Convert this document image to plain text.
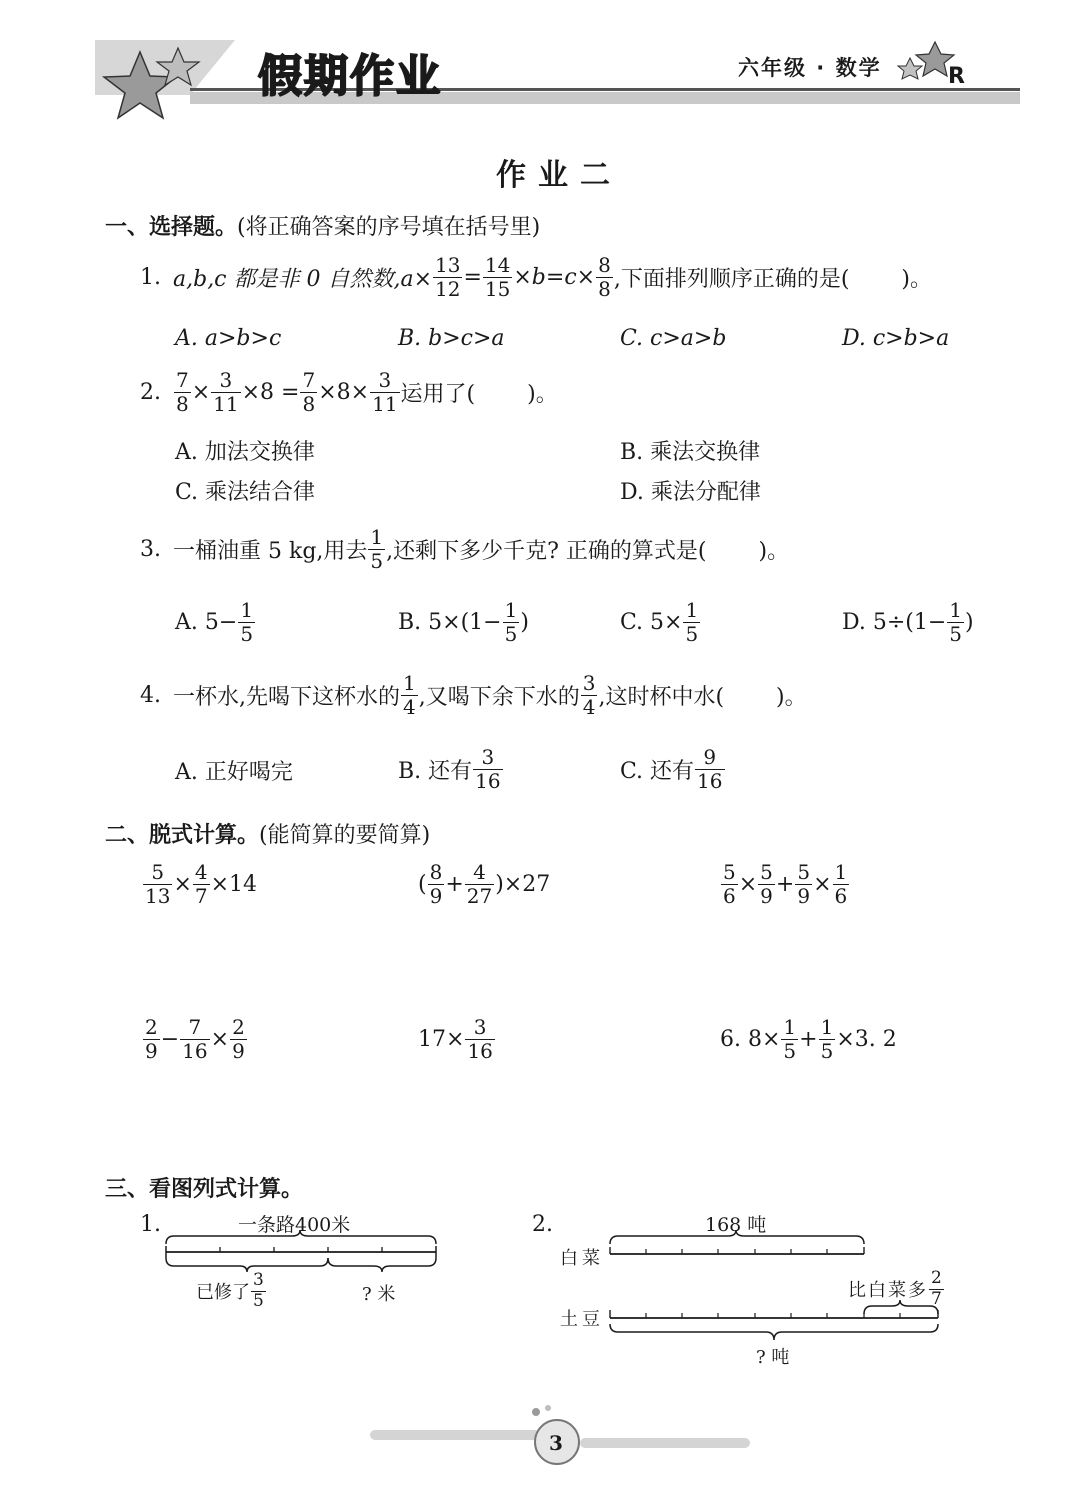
假期作业	六年级 · 数学	R
作业二
一、选择题。 (将正确答案的序号填在括号里)
1. a,b,c 都是非 0 自然数$,a\times \frac{13}{12} = \frac{14}{15} \times b=c\times \frac{8}{8}$ ,下面排列顺序正确的是( )。
A. a>b>c	B. b>c>a	C. c>a>b	D. c>b>a
2. $\frac{7}{8} \times \frac{3}{11} \times 8 = \frac{7}{8} \times 8\times \frac{3}{11}$ 运用了( )。
A. 加法交换律	B. 乘法交换律
C. 乘法结合律	D. 乘法分配律
3. 一桶油重 5 kg,用去 $\frac{1}{5}$ ,还剩下多少千克? 正确的算式是( )。
A. $5- \frac{1}{5}$	B. $5\times(1- \frac{1}{5}$ )	C. $5\times \frac{1}{5}$	D. $5\div(1- \frac{1}{5}$ )
4. 一杯水,先喝下这杯水的 $\frac{1}{4}$ ,又喝下余下水的 $\frac{3}{4}$ ,这时杯中水( )。
A. 正好喝完	B. 还有 $\frac{3}{16}$	C. 还有 $\frac{9}{16}$
二、脱式计算。 (能简算的要简算)
$\frac{5}{13} \times \frac{4}{7} \times 14$	( $\frac{8}{9} + \frac{4}{27} )\times 27$	$\frac{5}{6} \times \frac{5}{9} + \frac{5}{9} \times \frac{1}{6}$
$\frac{2}{9} - \frac{7}{16} \times \frac{2}{9}$	$17\times \frac{3}{16}$	6. $8\times \frac{1}{5} + \frac{1}{5} \times 3$. 2
三、看图列式计算。
1.	一条路400米
已修了 $\frac{3}{5}$	? 米
2.	168 吨
白菜
比白菜多 $\frac{2}{7}$
土豆
? 吨
3
